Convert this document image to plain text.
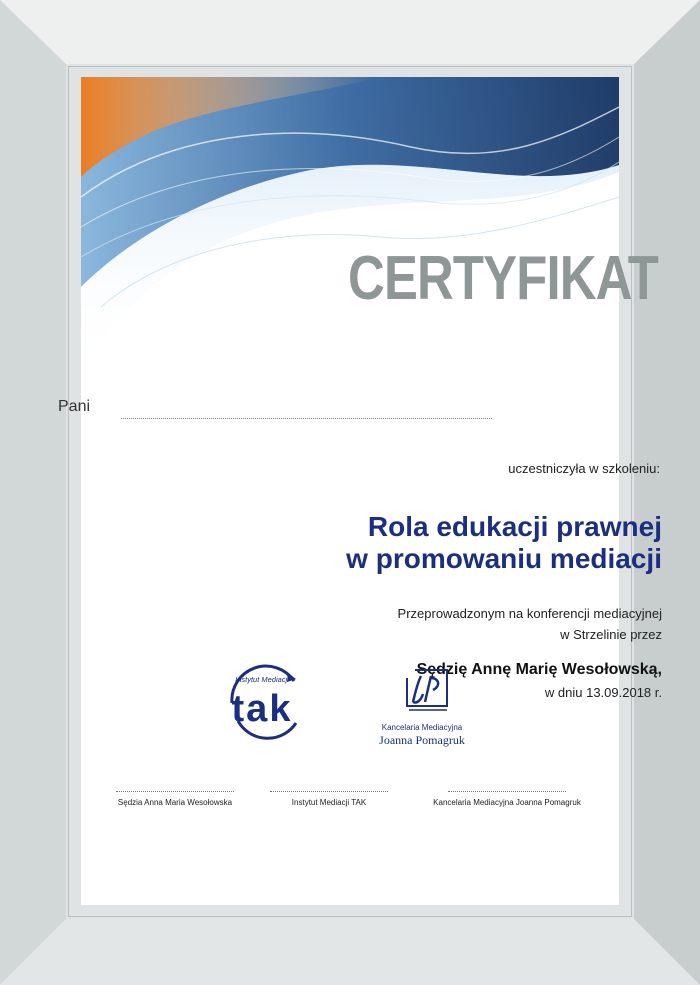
CERTYFIKAT
Pani
uczestniczyła w szkoleniu:
Rola edukacji prawnej
w promowaniu mediacji
Przeprowadzonym na konferencji mediacyjnej
w Strzelinie przez
Sędzię Annę Marię Wesołowską,
w dniu 13.09.2018 r.
Instytut Mediacji
tak	Kancelaria Mediacyjna
Joanna Pomagruk
Sędzia Anna Maria Wesołowska	Instytut Mediacji TAK	Kancelaria Mediacyjna Joanna Pomagruk
